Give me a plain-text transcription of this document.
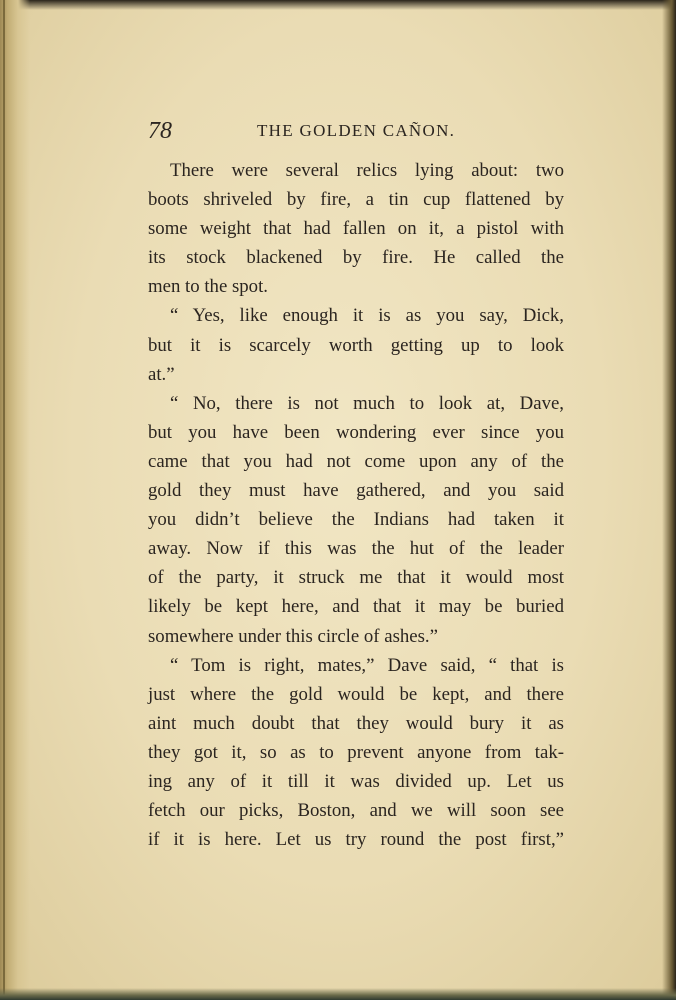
78	THE GOLDEN CAÑON.
There were several relics lying about: two
boots shriveled by fire, a tin cup flattened by
some weight that had fallen on it, a pistol with
its stock blackened by fire. He called the
men to the spot.
“ Yes, like enough it is as you say, Dick,
but it is scarcely worth getting up to look
at.”
“ No, there is not much to look at, Dave,
but you have been wondering ever since you
came that you had not come upon any of the
gold they must have gathered, and you said
you didn’t believe the Indians had taken it
away. Now if this was the hut of the leader
of the party, it struck me that it would most
likely be kept here, and that it may be buried
somewhere under this circle of ashes.”
“ Tom is right, mates,” Dave said, “ that is
just where the gold would be kept, and there
aint much doubt that they would bury it as
they got it, so as to prevent anyone from tak-
ing any of it till it was divided up. Let us
fetch our picks, Boston, and we will soon see
if it is here. Let us try round the post first,”
